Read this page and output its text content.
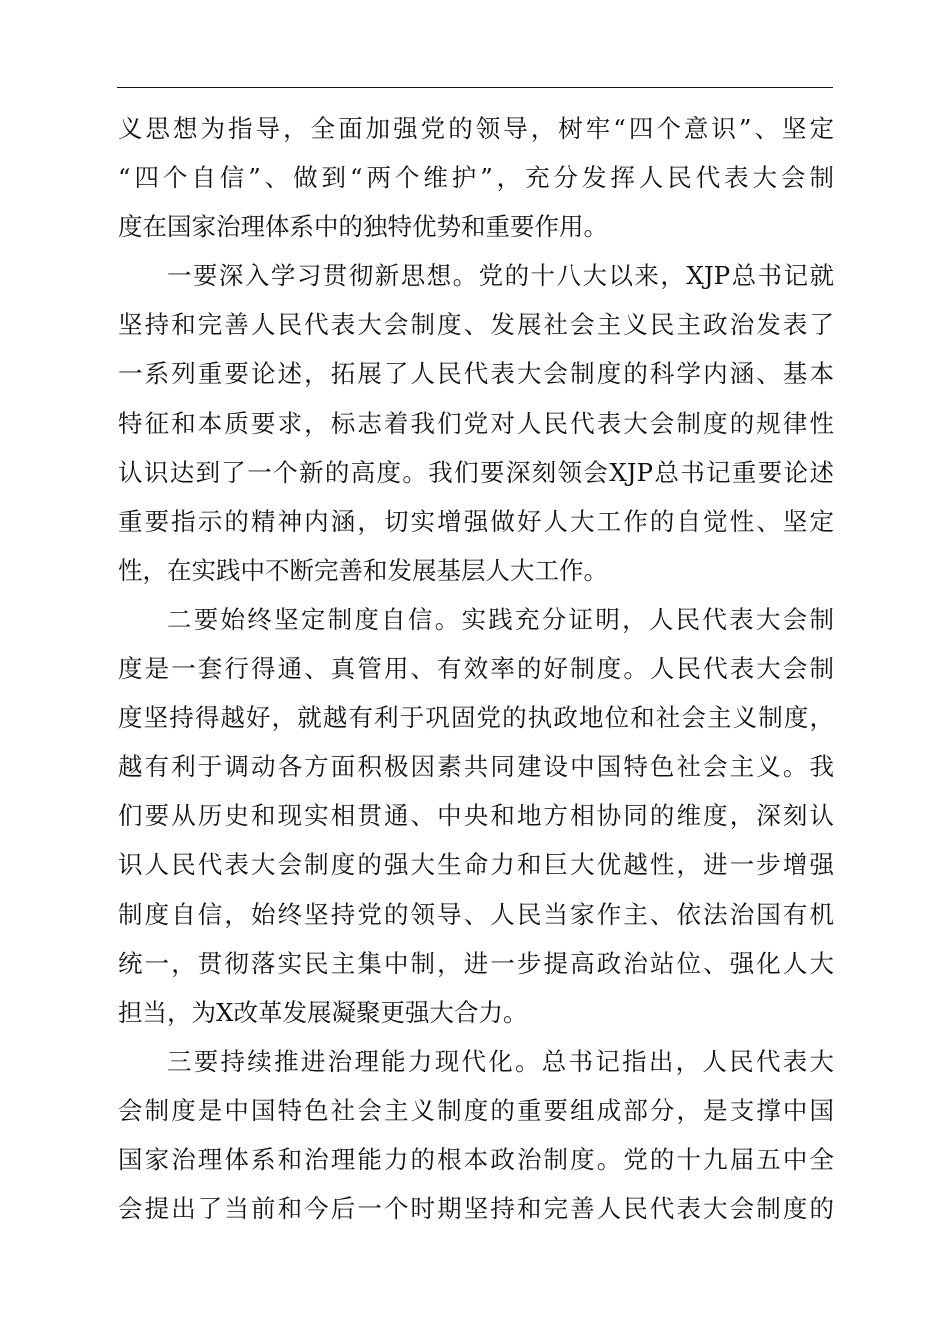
义思想为指导，全面加强党的领导，树牢“四个意识”、坚定
“四个自信”、做到“两个维护”，充分发挥人民代表大会制
度在国家治理体系中的独特优势和重要作用。
一要深入学习贯彻新思想。党的十八大以来，XJP总书记就
坚持和完善人民代表大会制度、发展社会主义民主政治发表了
一系列重要论述，拓展了人民代表大会制度的科学内涵、基本
特征和本质要求，标志着我们党对人民代表大会制度的规律性
认识达到了一个新的高度。我们要深刻领会XJP总书记重要论述
重要指示的精神内涵，切实增强做好人大工作的自觉性、坚定
性，在实践中不断完善和发展基层人大工作。
二要始终坚定制度自信。实践充分证明，人民代表大会制
度是一套行得通、真管用、有效率的好制度。人民代表大会制
度坚持得越好，就越有利于巩固党的执政地位和社会主义制度，
越有利于调动各方面积极因素共同建设中国特色社会主义。我
们要从历史和现实相贯通、中央和地方相协同的维度，深刻认
识人民代表大会制度的强大生命力和巨大优越性，进一步增强
制度自信，始终坚持党的领导、人民当家作主、依法治国有机
统一，贯彻落实民主集中制，进一步提高政治站位、强化人大
担当，为X改革发展凝聚更强大合力。
三要持续推进治理能力现代化。总书记指出，人民代表大
会制度是中国特色社会主义制度的重要组成部分，是支撑中国
国家治理体系和治理能力的根本政治制度。党的十九届五中全
会提出了当前和今后一个时期坚持和完善人民代表大会制度的
